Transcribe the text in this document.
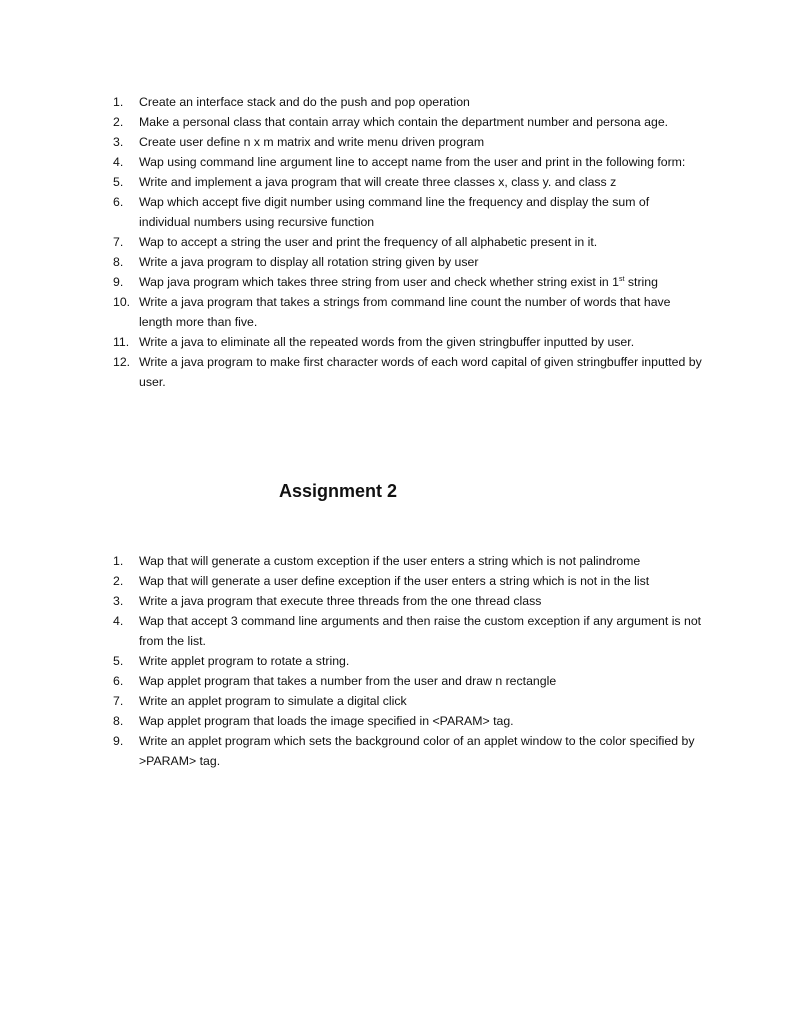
1. Create an interface stack and do the push and pop operation
2. Make a personal class that contain array which contain the department number and persona age.
3. Create user define n x m matrix and write menu driven program
4. Wap using command line argument line to accept name from the user and print in the following form:
5. Write and implement a java program that will create three classes x, class y. and class z
6. Wap which accept five digit number using command line the frequency and display the sum of individual numbers using recursive function
7. Wap to accept a string the user and print the frequency of all alphabetic present in it.
8. Write a java program to display all rotation string given by user
9. Wap java program which takes three string from user and check whether string exist in 1st string
10. Write a java program that takes a strings from command line count the number of words that have length more than five.
11. Write a java to eliminate all the repeated words from the given stringbuffer inputted by user.
12. Write a java program to make first character words of each word capital of given stringbuffer inputted by user.
Assignment 2
1. Wap that will generate a custom exception if the user enters a string which is not palindrome
2. Wap that will generate a user define exception if the user enters a string which is not in the list
3. Write a java program that execute three threads from the one thread class
4. Wap that accept 3 command line arguments and then raise the custom exception if any argument is not from the list.
5. Write applet program to rotate a string.
6. Wap applet program that takes a number from the user and draw n rectangle
7. Write an applet program to simulate a digital click
8. Wap applet program that loads the image specified in <PARAM> tag.
9. Write an applet program which sets the background color of an applet window to the color specified by >PARAM> tag.
